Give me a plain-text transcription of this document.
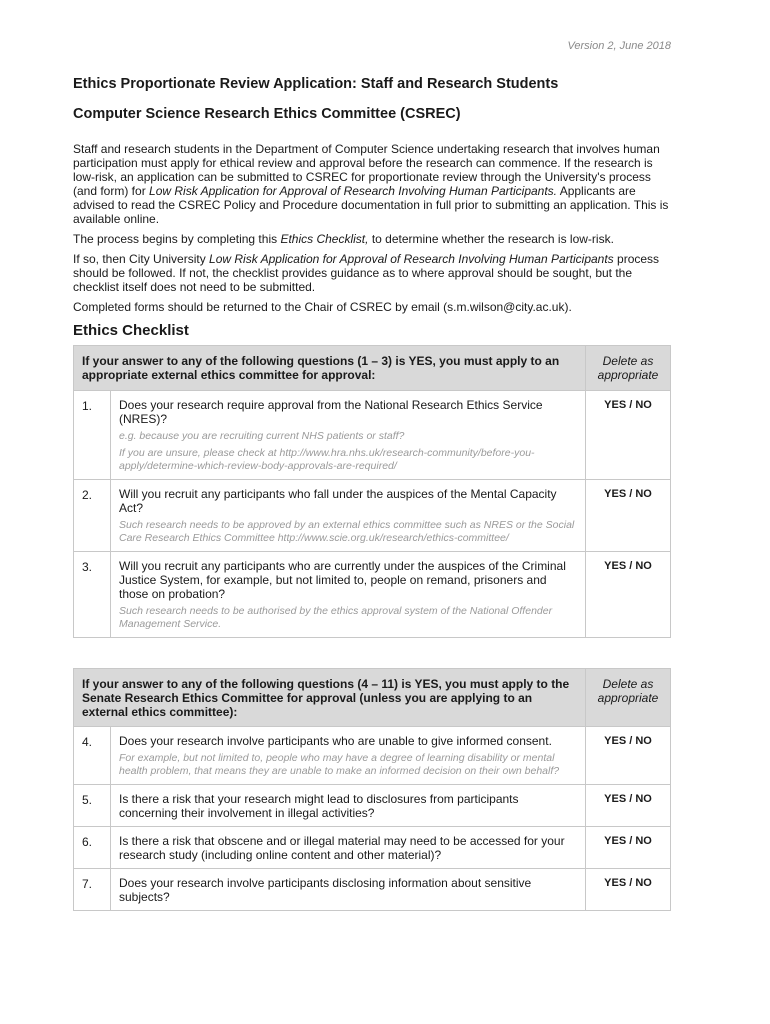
Version 2, June 2018
Ethics Proportionate Review Application: Staff and Research Students
Computer Science Research Ethics Committee (CSREC)

Staff and research students in the Department of Computer Science undertaking research that involves human participation must apply for ethical review and approval before the research can commence. If the research is low-risk, an application can be submitted to CSREC for proportionate review through the University's process (and form) for Low Risk Application for Approval of Research Involving Human Participants. Applicants are advised to read the CSREC Policy and Procedure documentation in full prior to submitting an application. This is available online.

The process begins by completing this Ethics Checklist, to determine whether the research is low-risk.

If so, then City University Low Risk Application for Approval of Research Involving Human Participants process should be followed. If not, the checklist provides guidance as to where approval should be sought, but the checklist itself does not need to be submitted.

Completed forms should be returned to the Chair of CSREC by email (s.m.wilson@city.ac.uk).

Ethics Checklist
If your answer to any of the following questions (1 – 3) is YES, you must apply to an appropriate external ethics committee for approval:		Delete as appropriate
1.	Does your research require approval from the National Research Ethics Service (NRES)?
e.g. because you are recruiting current NHS patients or staff?
If you are unsure, please check at http://www.hra.nhs.uk/research-community/before-you-apply/determine-which-review-body-approvals-are-required/	YES / NO
2.	Will you recruit any participants who fall under the auspices of the Mental Capacity Act?
Such research needs to be approved by an external ethics committee such as NRES or the Social Care Research Ethics Committee http://www.scie.org.uk/research/ethics-committee/	YES / NO
3.	Will you recruit any participants who are currently under the auspices of the Criminal Justice System, for example, but not limited to, people on remand, prisoners and those on probation?
Such research needs to be authorised by the ethics approval system of the National Offender Management Service.	YES / NO
If your answer to any of the following questions (4 – 11) is YES, you must apply to the Senate Research Ethics Committee for approval (unless you are applying to an external ethics committee):		Delete as appropriate
4.	Does your research involve participants who are unable to give informed consent.
For example, but not limited to, people who may have a degree of learning disability or mental health problem, that means they are unable to make an informed decision on their own behalf?	YES / NO
5.	Is there a risk that your research might lead to disclosures from participants concerning their involvement in illegal activities?	YES / NO
6.	Is there a risk that obscene and or illegal material may need to be accessed for your research study (including online content and other material)?	YES / NO
7.	Does your research involve participants disclosing information about sensitive subjects?	YES / NO
